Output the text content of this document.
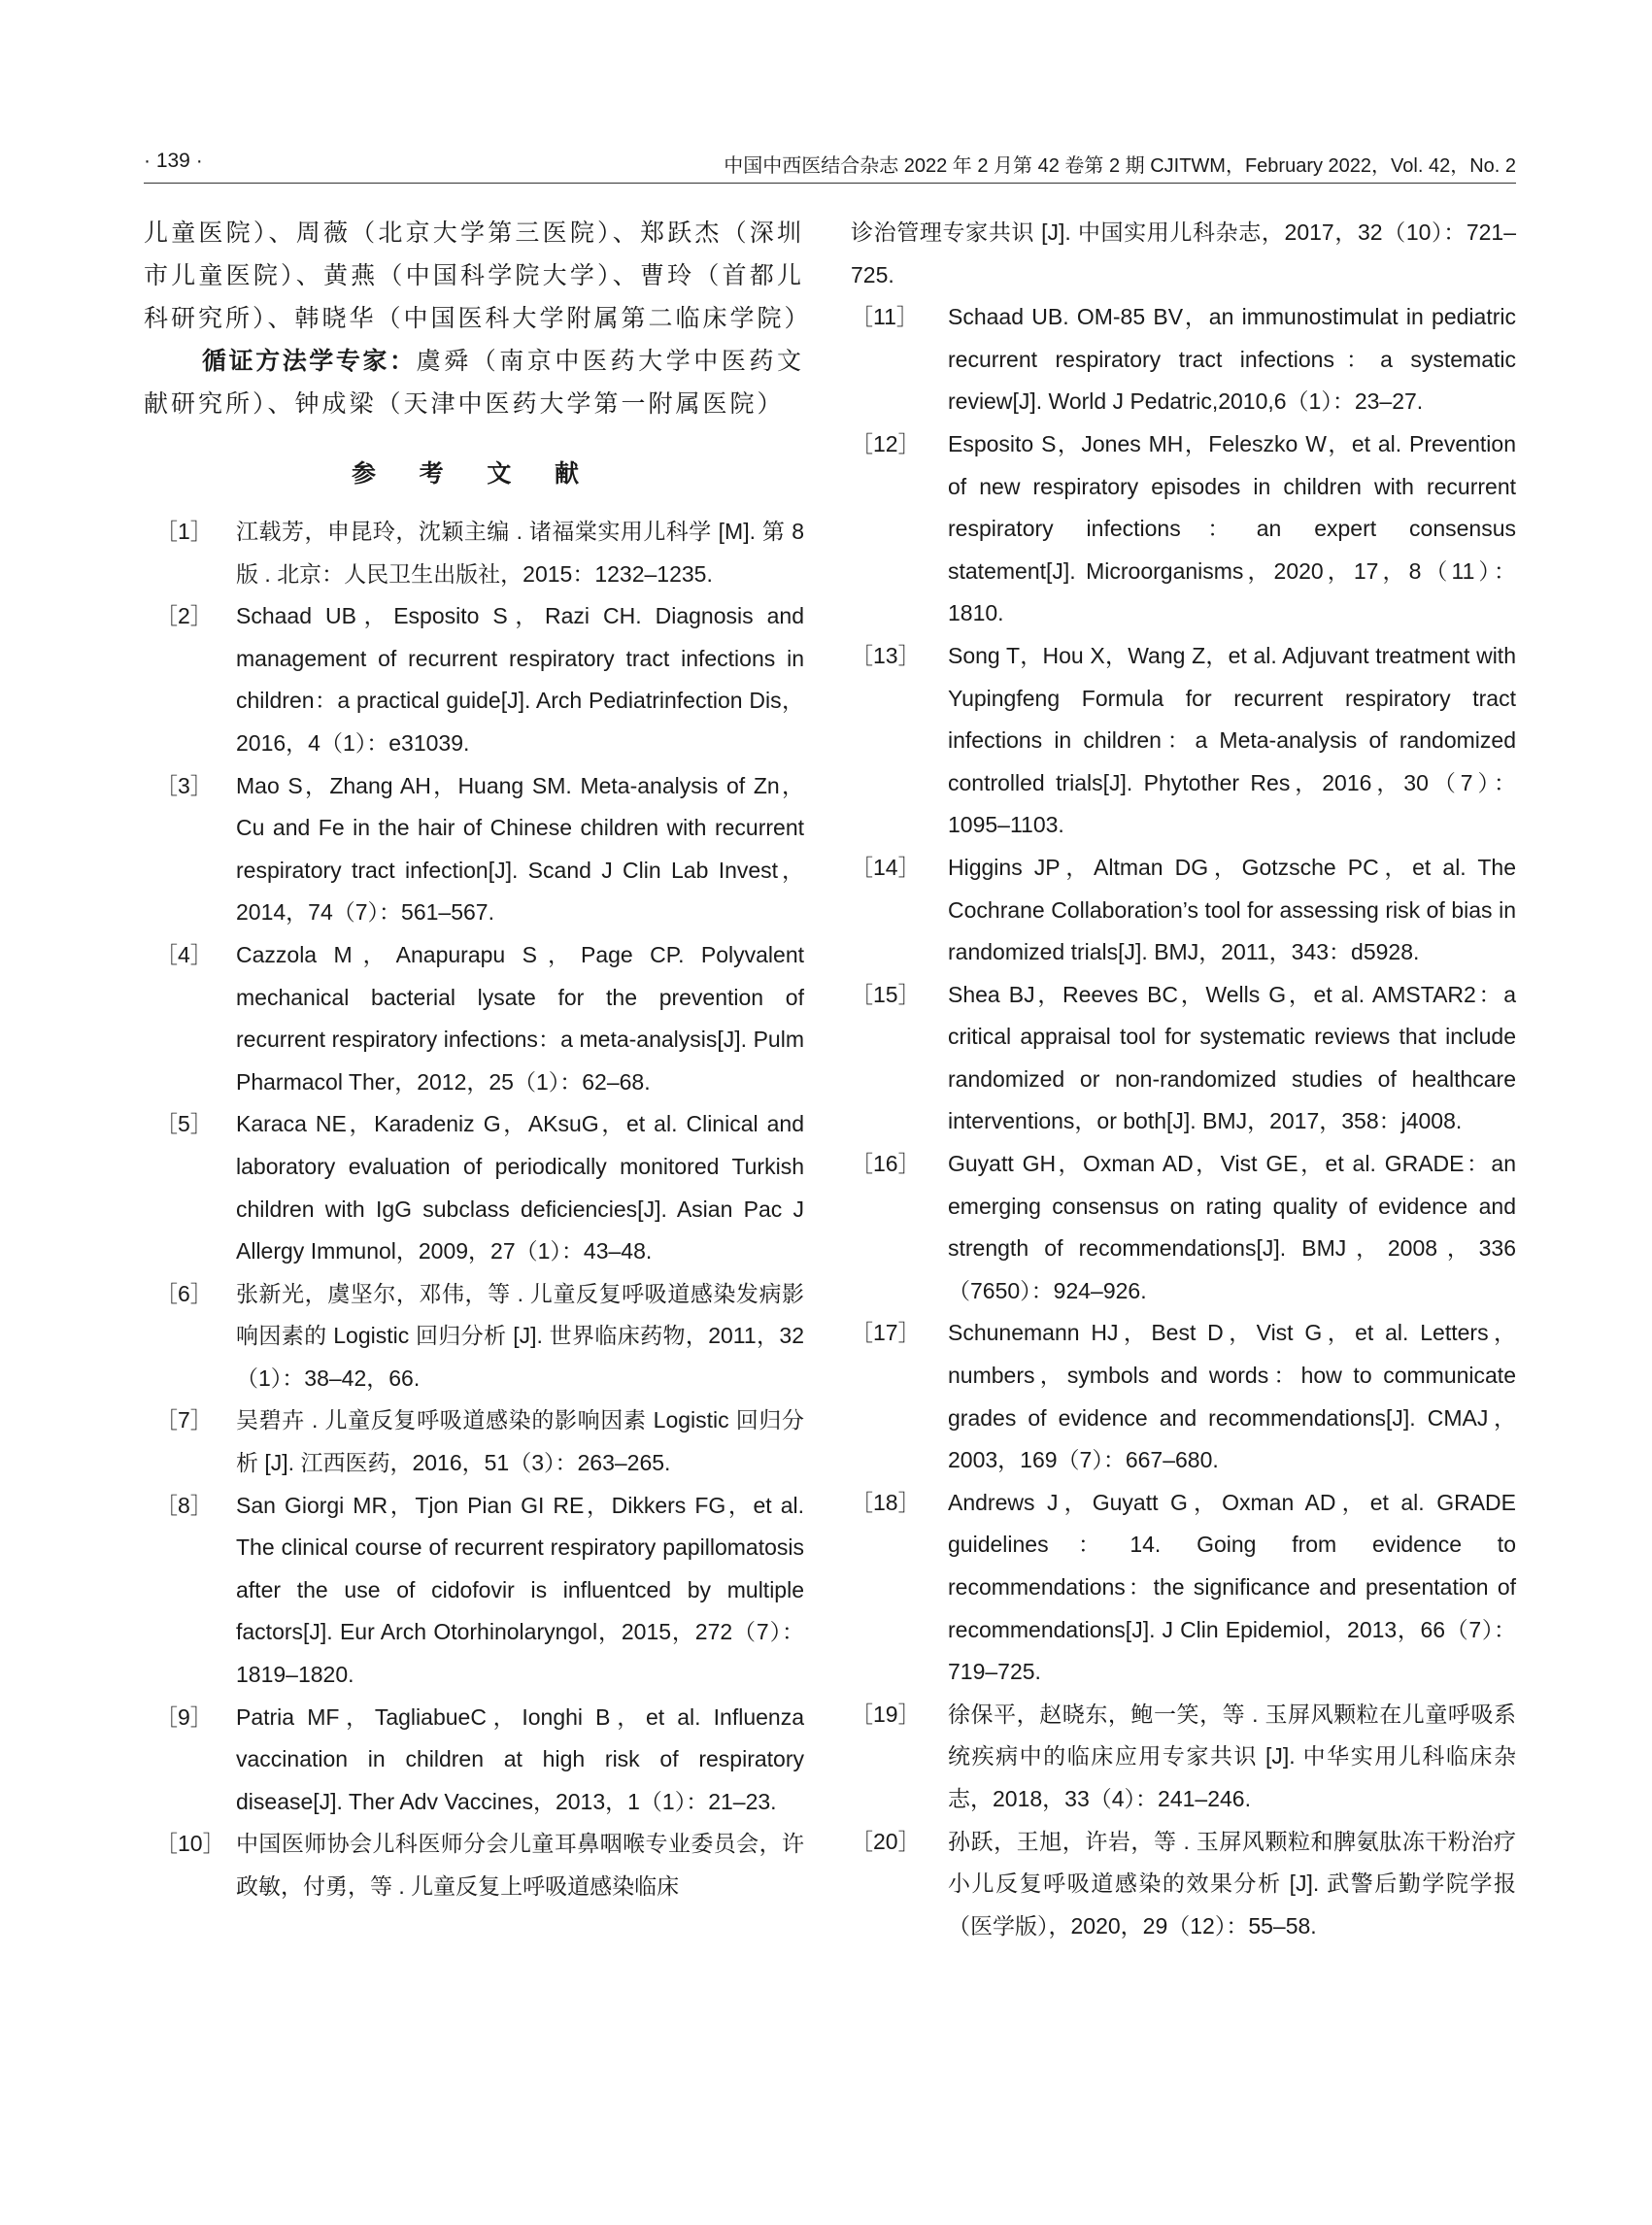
· 139 ·	中国中西医结合杂志 2022 年 2 月第 42 卷第 2 期 CJITWM，February 2022，Vol. 42，No. 2

儿童医院）、周薇（北京大学第三医院）、郑跃杰（深圳市儿童医院）、黄燕（中国科学院大学）、曹玲（首都儿科研究所）、韩晓华（中国医科大学附属第二临床学院）

循证方法学专家：虞舜（南京中医药大学中医药文献研究所）、钟成梁（天津中医药大学第一附属医院）

参 考 文 献
［1］	江载芳，申昆玲，沈颖主编 . 诸福棠实用儿科学 [M]. 第 8 版 . 北京：人民卫生出版社，2015：1232–1235.
［2］	Schaad UB，Esposito S，Razi CH. Diagnosis and management of recurrent respiratory tract infections in children：a practical guide[J]. Arch Pediatrinfection Dis，2016，4（1）：e31039.
［3］	Mao S，Zhang AH，Huang SM. Meta-analysis of Zn，Cu and Fe in the hair of Chinese children with recurrent respiratory tract infection[J]. Scand J Clin Lab Invest，2014，74（7）：561–567.
［4］	Cazzola M，Anapurapu S，Page CP. Polyvalent mechanical bacterial lysate for the prevention of recurrent respiratory infections：a meta-analysis[J]. Pulm Pharmacol Ther，2012，25（1）：62–68.
［5］	Karaca NE，Karadeniz G，AKsuG，et al. Clinical and laboratory evaluation of periodically monitored Turkish children with IgG subclass deficiencies[J]. Asian Pac J Allergy Immunol，2009，27（1）：43–48.
［6］	张新光，虞坚尔，邓伟，等 . 儿童反复呼吸道感染发病影响因素的 Logistic 回归分析 [J]. 世界临床药物，2011，32（1）：38–42，66.
［7］	吴碧卉 . 儿童反复呼吸道感染的影响因素 Logistic 回归分析 [J]. 江西医药，2016，51（3）：263–265.
［8］	San Giorgi MR，Tjon Pian GI RE，Dikkers FG，et al. The clinical course of recurrent respiratory papillomatosis after the use of cidofovir is influentced by multiple factors[J]. Eur Arch Otorhinolaryngol，2015，272（7）：1819–1820.
［9］	Patria MF，TagliabueC，Ionghi B，et al. Influenza vaccination in children at high risk of respiratory disease[J]. Ther Adv Vaccines，2013，1（1）：21–23.
［10］ 中国医师协会儿科医师分会儿童耳鼻咽喉专业委员会，许政敏，付勇，等 . 儿童反复上呼吸道感染临床
诊治管理专家共识 [J]. 中国实用儿科杂志，2017，32（10）：721–725.
［11］	Schaad UB. OM-85 BV，an immunostimulat in pediatric recurrent respiratory tract infections：a systematic review[J]. World J Pedatric,2010,6（1）：23–27.
［12］	Esposito S，Jones MH，Feleszko W，et al. Prevention of new respiratory episodes in children with recurrent respiratory infections：an expert consensus statement[J]. Microorganisms，2020，17，8（11）：1810.
［13］	Song T，Hou X，Wang Z，et al. Adjuvant treatment with Yupingfeng Formula for recurrent respiratory tract infections in children：a Meta-analysis of randomized controlled trials[J]. Phytother Res，2016，30（7）：1095–1103.
［14］	Higgins JP，Altman DG，Gotzsche PC，et al. The Cochrane Collaboration’s tool for assessing risk of bias in randomized trials[J]. BMJ，2011，343：d5928.
［15］	Shea BJ，Reeves BC，Wells G，et al. AMSTAR2：a critical appraisal tool for systematic reviews that include randomized or non-randomized studies of healthcare interventions，or both[J]. BMJ，2017，358：j4008.
［16］	Guyatt GH，Oxman AD，Vist GE，et al. GRADE：an emerging consensus on rating quality of evidence and strength of recommendations[J]. BMJ，2008，336（7650）：924–926.
［17］	Schunemann HJ，Best D，Vist G，et al. Letters，numbers，symbols and words：how to communicate grades of evidence and recommendations[J]. CMAJ，2003，169（7）：667–680.
［18］	Andrews J，Guyatt G，Oxman AD，et al. GRADE guidelines：14. Going from evidence to recommendations：the significance and presentation of recommendations[J]. J Clin Epidemiol，2013，66（7）：719–725.
［19］	徐保平，赵晓东，鲍一笑，等 . 玉屏风颗粒在儿童呼吸系统疾病中的临床应用专家共识 [J]. 中华实用儿科临床杂志，2018，33（4）：241–246.
［20］	孙跃，王旭，许岩，等 . 玉屏风颗粒和脾氨肽冻干粉治疗小儿反复呼吸道感染的效果分析 [J]. 武警后勤学院学报（医学版），2020，29（12）：55–58.
